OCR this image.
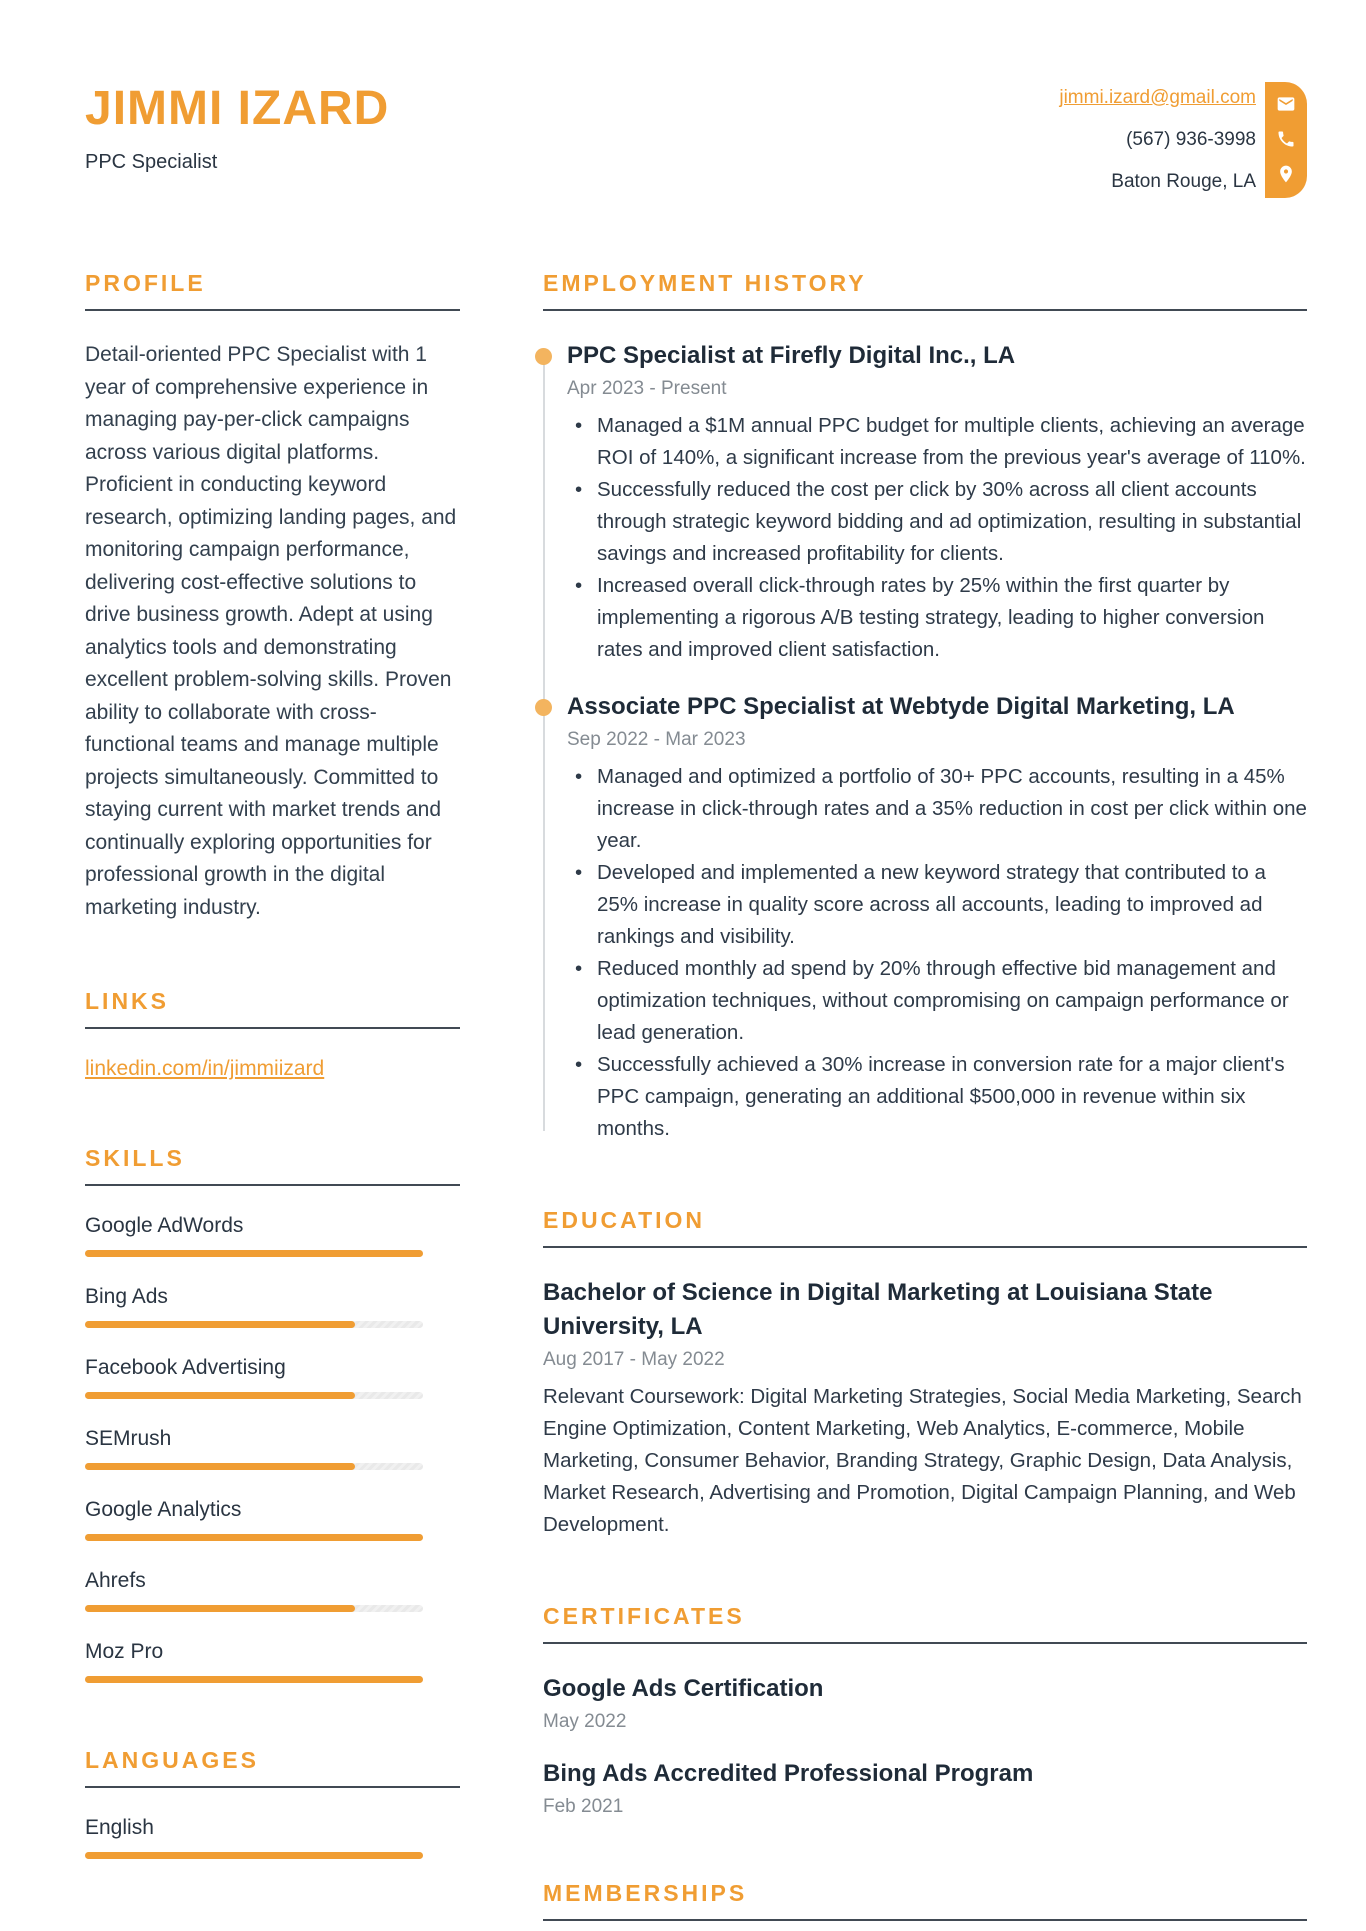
JIMMI IZARD
PPC Specialist
jimmi.izard@gmail.com
(567) 936-3998
Baton Rouge, LA
PROFILE

Detail-oriented PPC Specialist with 1 year of comprehensive experience in managing pay-per-click campaigns across various digital platforms. Proficient in conducting keyword research, optimizing landing pages, and monitoring campaign performance, delivering cost-effective solutions to drive business growth. Adept at using analytics tools and demonstrating excellent problem-solving skills. Proven ability to collaborate with cross-functional teams and manage multiple projects simultaneously. Committed to staying current with market trends and continually exploring opportunities for professional growth in the digital marketing industry.

LINKS
linkedin.com/in/jimmiizard
SKILLS
Google AdWords
Bing Ads
Facebook Advertising
SEMrush
Google Analytics
Ahrefs
Moz Pro
LANGUAGES
English
EMPLOYMENT HISTORY
PPC Specialist at Firefly Digital Inc., LA
Apr 2023 - Present
• Managed a $1M annual PPC budget for multiple clients, achieving an average ROI of 140%, a significant increase from the previous year's average of 110%.
• Successfully reduced the cost per click by 30% across all client accounts through strategic keyword bidding and ad optimization, resulting in substantial savings and increased profitability for clients.
• Increased overall click-through rates by 25% within the first quarter by implementing a rigorous A/B testing strategy, leading to higher conversion rates and improved client satisfaction.
Associate PPC Specialist at Webtyde Digital Marketing, LA
Sep 2022 - Mar 2023
• Managed and optimized a portfolio of 30+ PPC accounts, resulting in a 45% increase in click-through rates and a 35% reduction in cost per click within one year.
• Developed and implemented a new keyword strategy that contributed to a 25% increase in quality score across all accounts, leading to improved ad rankings and visibility.
• Reduced monthly ad spend by 20% through effective bid management and optimization techniques, without compromising on campaign performance or lead generation.
• Successfully achieved a 30% increase in conversion rate for a major client's PPC campaign, generating an additional $500,000 in revenue within six months.
EDUCATION
Bachelor of Science in Digital Marketing at Louisiana State University, LA
Aug 2017 - May 2022
Relevant Coursework: Digital Marketing Strategies, Social Media Marketing, Search Engine Optimization, Content Marketing, Web Analytics, E-commerce, Mobile Marketing, Consumer Behavior, Branding Strategy, Graphic Design, Data Analysis, Market Research, Advertising and Promotion, Digital Campaign Planning, and Web Development.
CERTIFICATES
Google Ads Certification
May 2022
Bing Ads Accredited Professional Program
Feb 2021
MEMBERSHIPS
